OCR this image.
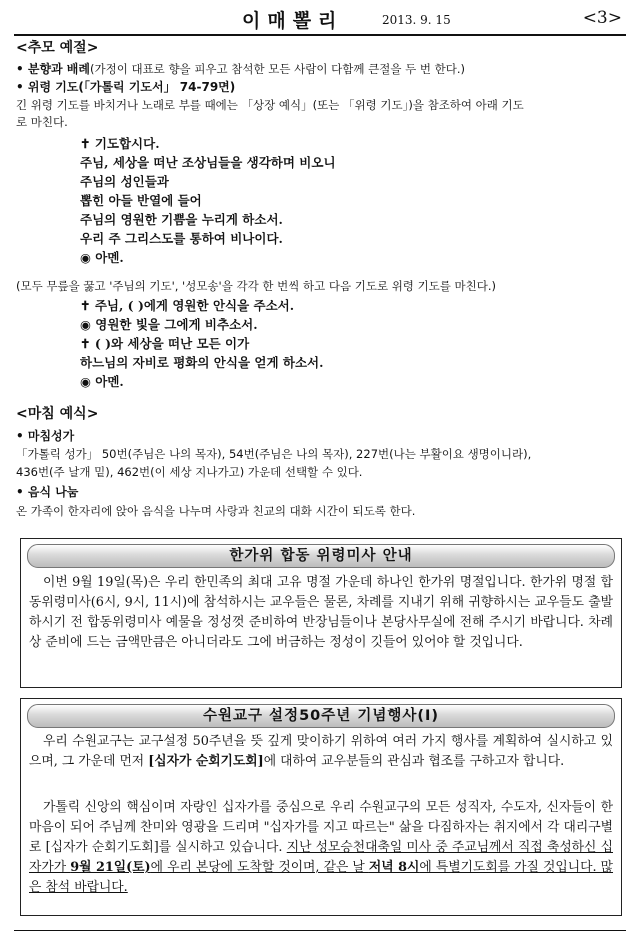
이매뽈리	2013. 9. 15	<3>
<추모 예절>
• 분향과 배례(가정이 대표로 향을 피우고 참석한 모든 사람이 다함께 큰절을 두 번 한다.)
• 위령 기도(「가톨릭 기도서」 74-79면)
긴 위령 기도를 바치거나 노래로 부를 때에는 「상장 예식」(또는 「위령 기도」)을 참조하여 아래 기도
로 마친다.
✝ 기도합시다.
주님, 세상을 떠난 조상님들을 생각하며 비오니
주님의 성인들과
뽑힌 아들 반열에 들어
주님의 영원한 기쁨을 누리게 하소서.
우리 주 그리스도를 통하여 비나이다.
◉ 아멘.
(모두 무릎을 꿇고 '주님의 기도', '성모송'을 각각 한 번씩 하고 다음 기도로 위령 기도를 마친다.)
✝ 주님, ( )에게 영원한 안식을 주소서.
◉ 영원한 빛을 그에게 비추소서.
✝ ( )와 세상을 떠난 모든 이가
하느님의 자비로 평화의 안식을 얻게 하소서.
◉ 아멘.
<마침 예식>
• 마침성가
「가톨릭 성가」 50번(주님은 나의 목자), 54번(주님은 나의 목자), 227번(나는 부활이요 생명이니라),
436번(주 날개 밑), 462번(이 세상 지나가고) 가운데 선택할 수 있다.
• 음식 나눔
온 가족이 한자리에 앉아 음식을 나누며 사랑과 친교의 대화 시간이 되도록 한다.
한가위 합동 위령미사 안내
이번 9월 19일(목)은 우리 한민족의 최대 고유 명절 가운데 하나인 한가위 명절입니다. 한가위 명절 합동위령미사(6시, 9시, 11시)에 참석하시는 교우들은 물론, 차례를 지내기 위해 귀향하시는 교우들도 출발하시기 전 합동위령미사 예물을 정성껏 준비하여 반장님들이나 본당사무실에 전해 주시기 바랍니다. 차례 상 준비에 드는 금액만큼은 아니더라도 그에 버금하는 정성이 깃들어 있어야 할 것입니다.
수원교구 설정50주년 기념행사(Ⅰ)
우리 수원교구는 교구설정 50주년을 뜻 깊게 맞이하기 위하여 여러 가지 행사를 계획하여 실시하고 있으며, 그 가운데 먼저 [십자가 순회기도회]에 대하여 교우분들의 관심과 협조를 구하고자 합니다.
가톨릭 신앙의 핵심이며 자랑인 십자가를 중심으로 우리 수원교구의 모든 성직자, 수도자, 신자들이 한 마음이 되어 주님께 찬미와 영광을 드리며 "십자가를 지고 따르는" 삶을 다짐하자는 취지에서 각 대리구별로 [십자가 순회기도회]를 실시하고 있습니다. 지난 성모승천대축일 미사 중 주교님께서 직접 축성하신 십자가가 9월 21일(토)에 우리 본당에 도착할 것이며, 같은 날 저녁 8시에 특별기도회를 가질 것입니다. 많은 참석 바랍니다.
